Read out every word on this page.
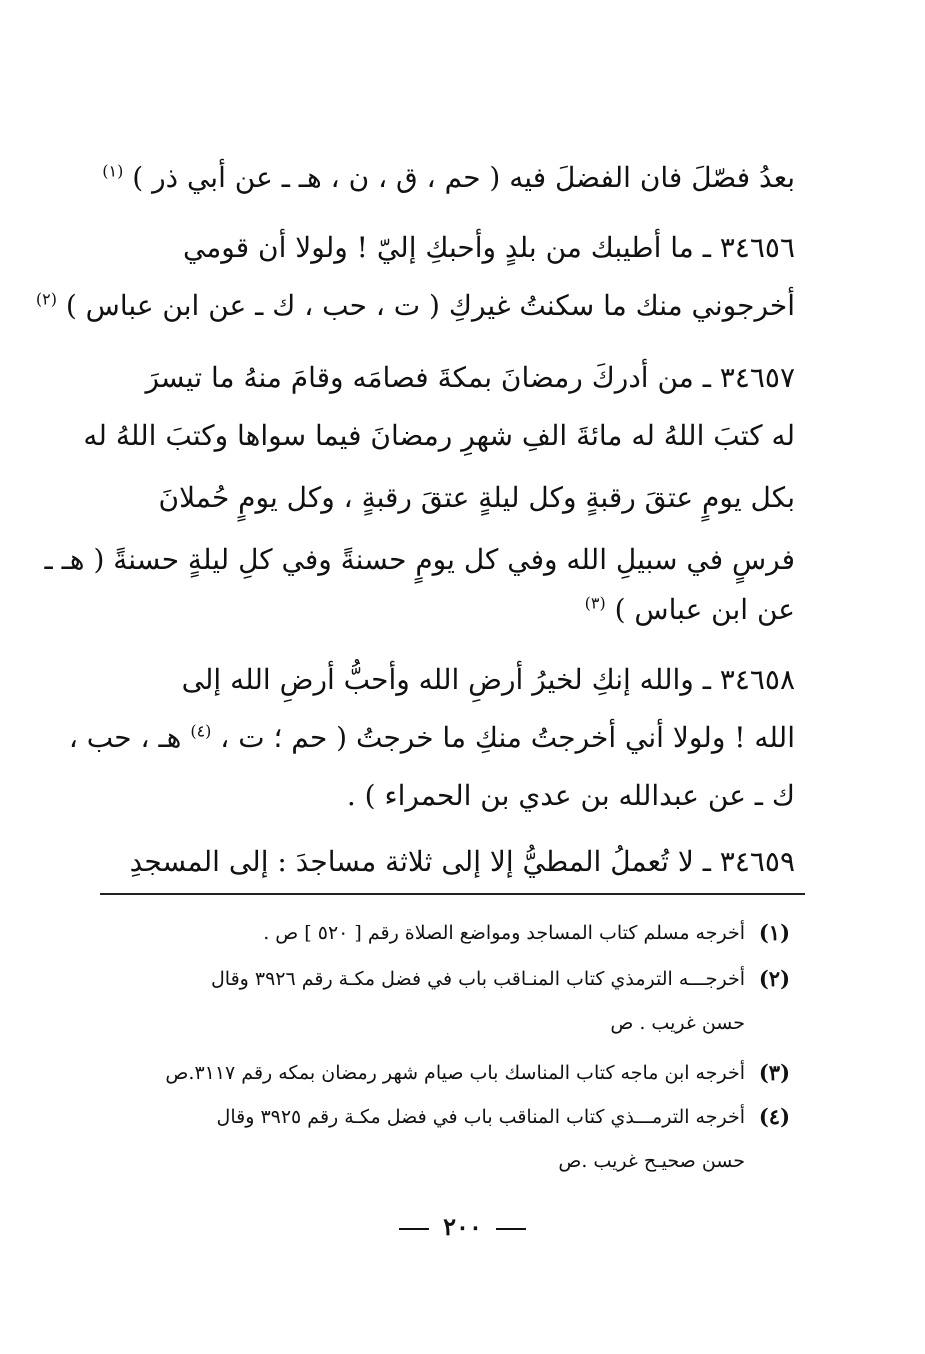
بعدُ فصّلَ فان الفضلَ فيه ( حم ، ق ، ن ، هـ ـ عن أبي ذر ) $^{(١)}$
٣٤٦٥٦ ـ ما أطيبك من بلدٍ وأحبكِ إليّ ! ولولا أن قومي
أخرجوني منك ما سكنتُ غيركِ ( ت ، حب ، ك ـ عن ابن عباس ) $^{(٢)}$
٣٤٦٥٧ ـ من أدركَ رمضانَ بمكةَ فصامَه وقامَ منهُ ما تيسرَ
له كتبَ اللهُ له مائةَ الفِ شهرِ رمضانَ فيما سواها وكتبَ اللهُ له
بكل يومٍ عتقَ رقبةٍ وكل ليلةٍ عتقَ رقبةٍ ، وكل يومٍ حُملانَ
فرسٍ في سبيلِ الله وفي كل يومٍ حسنةً وفي كلِ ليلةٍ حسنةً ( هـ ـ
عن ابن عباس ) $^{(٣)}$
٣٤٦٥٨ ـ والله إنكِ لخيرُ أرضِ الله وأحبُّ أرضِ الله إلى
الله ! ولولا أني أخرجتُ منكِ ما خرجتُ ( حم ؛ ت ، $^{(٤)}$ هـ ، حب ،
ك ـ عن عبدالله بن عدي بن الحمراء ) .
٣٤٦٥٩ ـ لا تُعملُ المطيُّ إلا إلى ثلاثة مساجدَ : إلى المسجدِ
(١)
أخرجه مسلم كتاب المساجد ومواضع الصلاة رقم [ ٥٢٠ ] ص .
(٢)
أخرجـــه الترمذي كتاب المنـاقب باب في فضل مكـة رقم ٣٩٢٦ وقال
حسن غريب . ص
(٣)
أخرجه ابن ماجه كتاب المناسك باب صيام شهر رمضان بمكه رقم ٣١١٧.ص
(٤)
أخرجه الترمـــذي كتاب المناقب باب في فضل مكـة رقم ٣٩٢٥ وقال
حسن صحيـح غريب .ص
٢٠٠
